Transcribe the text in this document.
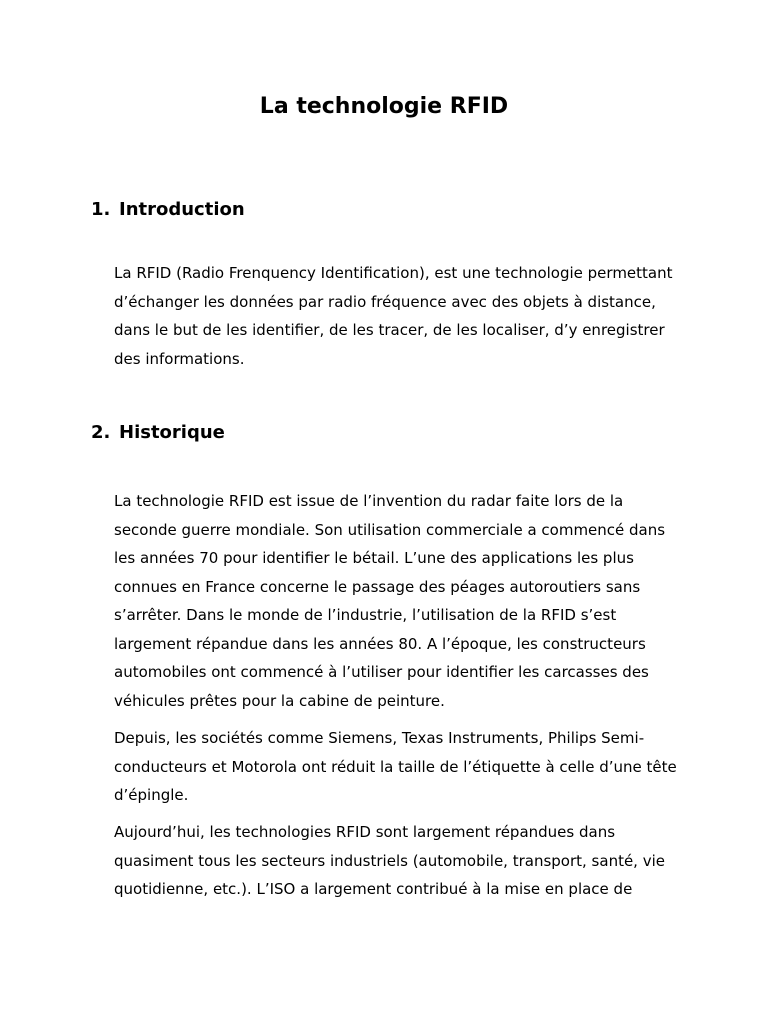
La technologie RFID
1. Introduction

La RFID (Radio Frenquency Identification), est une technologie permettant d’échanger les données par radio fréquence avec des objets à distance, dans le but de les identifier, de les tracer, de les localiser, d’y enregistrer des informations.

2. Historique

La technologie RFID est issue de l’invention du radar faite lors de la seconde guerre mondiale. Son utilisation commerciale a commencé dans les années 70 pour identifier le bétail. L’une des applications les plus connues en France concerne le passage des péages autoroutiers sans s’arrêter. Dans le monde de l’industrie, l’utilisation de la RFID s’est largement répandue dans les années 80. A l’époque, les constructeurs automobiles ont commencé à l’utiliser pour identifier les carcasses des véhicules prêtes pour la cabine de peinture.

Depuis, les sociétés comme Siemens, Texas Instruments, Philips Semi-conducteurs et Motorola ont réduit la taille de l’étiquette à celle d’une tête d’épingle.

Aujourd’hui, les technologies RFID sont largement répandues dans quasiment tous les secteurs industriels (automobile, transport, santé, vie quotidienne, etc.). L’ISO a largement contribué à la mise en place de
